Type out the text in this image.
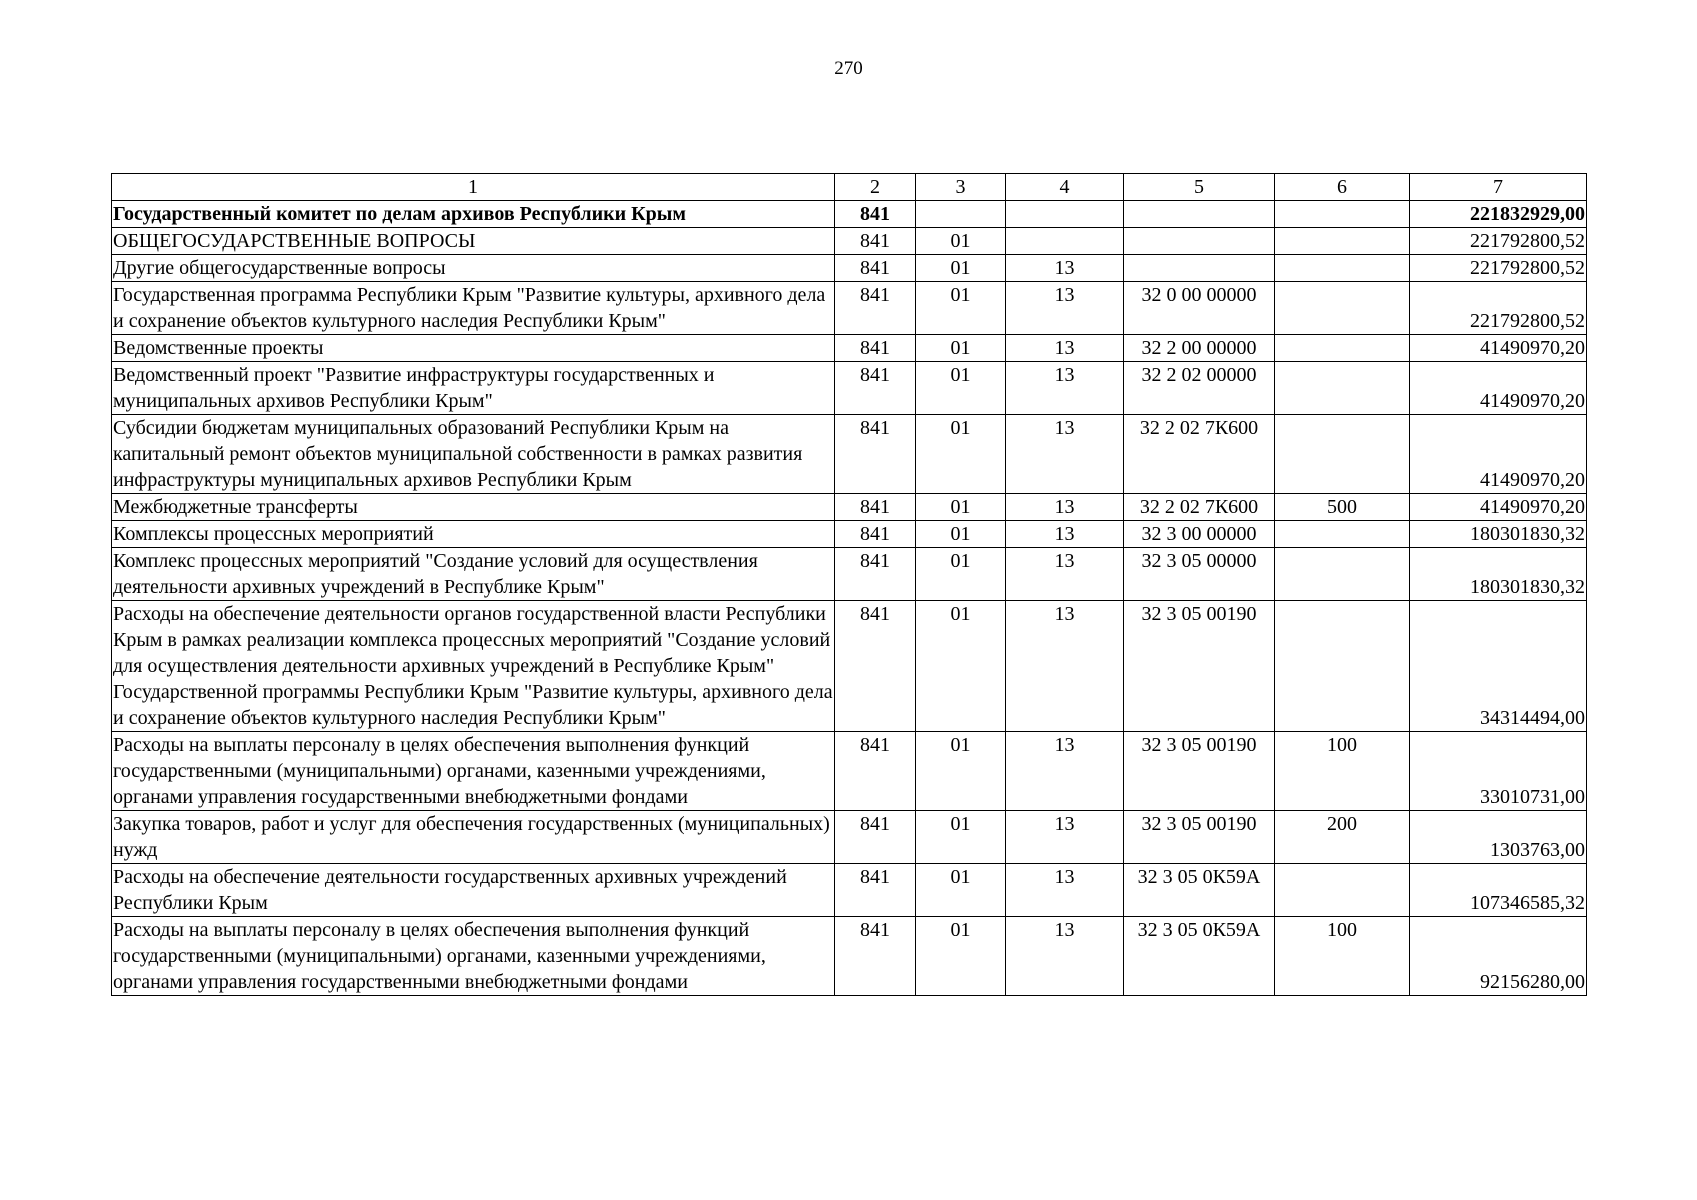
270
1	2	3	4	5	6	7
Государственный комитет по делам архивов Республики Крым	841					221832929,00
ОБЩЕГОСУДАРСТВЕННЫЕ ВОПРОСЫ	841	01				221792800,52
Другие общегосударственные вопросы	841	01	13			221792800,52
Государственная программа Республики Крым "Развитие культуры, архивного дела и сохранение объектов культурного наследия Республики Крым"	841	01	13	32 0 00 00000		221792800,52
Ведомственные проекты	841	01	13	32 2 00 00000		41490970,20
Ведомственный проект "Развитие инфраструктуры государственных и муниципальных архивов Республики Крым"	841	01	13	32 2 02 00000		41490970,20
Субсидии бюджетам муниципальных образований Республики Крым на капитальный ремонт объектов муниципальной собственности в рамках развития инфраструктуры муниципальных архивов Республики Крым	841	01	13	32 2 02 7К600		41490970,20
Межбюджетные трансферты	841	01	13	32 2 02 7К600	500	41490970,20
Комплексы процессных мероприятий	841	01	13	32 3 00 00000		180301830,32
Комплекс процессных мероприятий "Создание условий для осуществления деятельности архивных учреждений в Республике Крым"	841	01	13	32 3 05 00000		180301830,32
Расходы на обеспечение деятельности органов государственной власти Республики Крым в рамках реализации комплекса процессных мероприятий "Создание условий для осуществления деятельности архивных учреждений в Республике Крым" Государственной программы Республики Крым "Развитие культуры, архивного дела и сохранение объектов культурного наследия Республики Крым"	841	01	13	32 3 05 00190		34314494,00
Расходы на выплаты персоналу в целях обеспечения выполнения функций государственными (муниципальными) органами, казенными учреждениями, органами управления государственными внебюджетными фондами	841	01	13	32 3 05 00190	100	33010731,00
Закупка товаров, работ и услуг для обеспечения государственных (муниципальных) нужд	841	01	13	32 3 05 00190	200	1303763,00
Расходы на обеспечение деятельности государственных архивных учреждений Республики Крым	841	01	13	32 3 05 0К59А		107346585,32
Расходы на выплаты персоналу в целях обеспечения выполнения функций государственными (муниципальными) органами, казенными учреждениями, органами управления государственными внебюджетными фондами	841	01	13	32 3 05 0К59А	100	92156280,00
